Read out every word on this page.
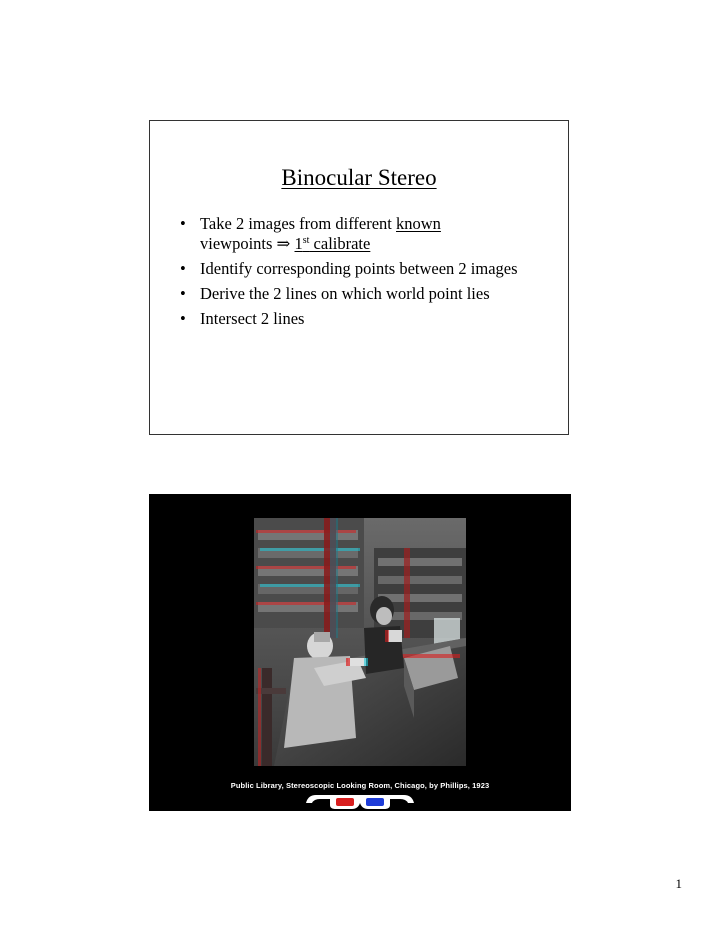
Binocular Stereo
• Take 2 images from different known
viewpoints ⇒ 1st calibrate
• Identify corresponding points between 2 images
• Derive the 2 lines on which world point lies
• Intersect 2 lines
Public Library, Stereoscopic Looking Room, Chicago, by Phillips, 1923
1
